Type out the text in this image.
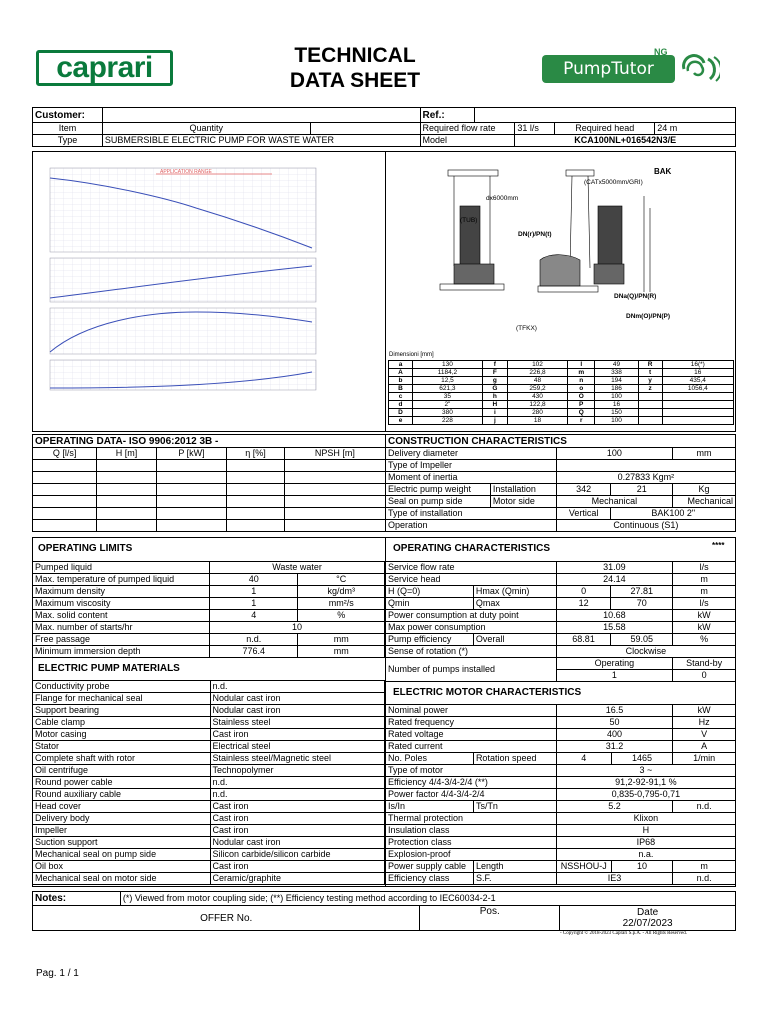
caprari	TECHNICAL
DATA SHEET	PumpTutor
NG
Customer:			Ref.:				
Item	Quantity		Required flow rate		31 l/s	Required head	24 m
Type	SUBMERSIBLE ELECTRIC PUMP FOR WASTE WATER		Model		KCA100NL+016542N3/E		
APPLICATION RANGE	BAK
(CATx5000mm/GRI)
dx6000mm
(TUB)
DN(r)/PN(t)
DNa(Q)/PN(R)
DNm(O)/PN(P)
(TFKX)
Dimensioni [mm]
a	130	f	102	l	49	R	16(*)
A	1184,2	F	226,8	m	338	t	16
b	12,5	g	48	n	194	y	435,4
B	621,3	G	259,2	o	186	z	1056,4
c	35	h	430	O	100		
d	2"	H	122,8	P	16		
D	380	i	280	Q	150		
e	228	j	18	r	100		
OPERATING DATA- ISO 9906:2012 3B -	CONSTRUCTION CHARACTERISTICS
Q [l/s]	H [m]	P [kW]	η [%]	NPSH [m]

					Delivery diameter		100		mm
Type of Impeller				
Moment of inertia		0.27833 Kgm²		
Electric pump weight	Installation	342	21	Kg
Seal on pump side	Motor side	Mechanical		Mechanical
Type of installation		Vertical	BAK100 2"	
Operation		Continuous (S1)		
OPERATING LIMITS
Pumped liquid	Waste water	
Max. temperature of pumped liquid	40	°C
Maximum density	1	kg/dm³
Maximum viscosity	1	mm²/s
Max. solid content	4	%
Max. number of starts/hr	10	
Free passage	n.d.	mm
Minimum immersion depth	776.4	mm
OPERATING CHARACTERISTICS	****
Service flow rate		31.09		l/s
Service head		24.14		m
H (Q=0)	Hmax (Qmin)	0	27.81	m
Qmin	Qmax	12	70	l/s
Power consumption at duty point		10.68		kW
Max power consumption		15.58		kW
Pump efficiency	Overall	68.81	59.05	%
Sense of rotation (*)		Clockwise		
Number of pumps installed		Operating		Stand-by
		1		0
ELECTRIC PUMP MATERIALS
Conductivity probe	n.d.
Flange for mechanical seal	Nodular cast iron
Support bearing	Nodular cast iron
Cable clamp	Stainless steel
Motor casing	Cast iron
Stator	Electrical steel
Complete shaft with rotor	Stainless steel/Magnetic steel
Oil centrifuge	Technopolymer
Round power cable	n.d.
Round auxiliary cable	n.d.
Head cover	Cast iron
Delivery body	Cast iron
Impeller	Cast iron
Suction support	Nodular cast iron
Mechanical seal on pump side	Silicon carbide/silicon carbide
Oil box	Cast iron
Mechanical seal on motor side	Ceramic/graphite
ELECTRIC MOTOR CHARACTERISTICS
Nominal power		16.5		kW
Rated frequency		50		Hz
Rated voltage		400		V
Rated current		31.2		A
No. Poles	Rotation speed	4	1465	1/min
Type of motor		3 ~		
Efficiency 4/4-3/4-2/4 (**)		91,2-92-91,1 %		
Power factor 4/4-3/4-2/4		0,835-0,795-0,71		
Is/In	Ts/Tn	5.2		n.d.
Thermal protection		Klixon		
Insulation class		H		
Protection class		IP68		
Explosion-proof		n.a.		
Power supply cable	Length	NSSHOU-J	10	m
Efficiency class	S.F.	IE3		n.d.
Notes:	(*) Viewed from motor coupling side; (**) Efficiency testing method according to IEC60034-2-1		
OFFER No.		Pos.	Date
22/07/2023
- Copyright © 2018-2023 Caprari S.p.A. - All Rights Reserved.
Pag. 1 / 1
